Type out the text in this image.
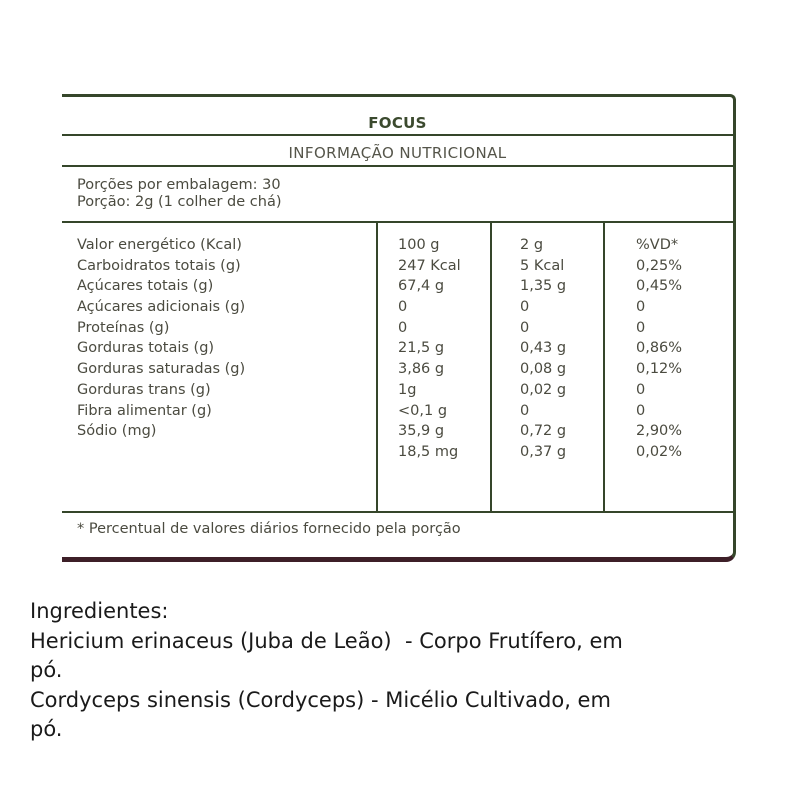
FOCUS
INFORMAÇÃO NUTRICIONAL
Porções por embalagem: 30
Porção: 2g (1 colher de chá)
Valor energético (Kcal)
Carboidratos totais (g)
Açúcares totais (g)
Açúcares adicionais (g)
Proteínas (g)
Gorduras totais (g)
Gorduras saturadas (g)
Gorduras trans (g)
Fibra alimentar (g)
Sódio (mg)
100 g
247 Kcal
67,4 g
0
0
21,5 g
3,86 g
1g
<0,1 g
35,9 g
18,5 mg
2 g
5 Kcal
1,35 g
0
0
0,43 g
0,08 g
0,02 g
0
0,72 g
0,37 g
%VD*
0,25%
0,45%
0
0
0,86%
0,12%
0
0
2,90%
0,02%
* Percentual de valores diários fornecido pela porção
Ingredientes:
Hericium erinaceus (Juba de Leão)  - Corpo Frutífero, em
pó.
Cordyceps sinensis (Cordyceps) - Micélio Cultivado, em
pó.
